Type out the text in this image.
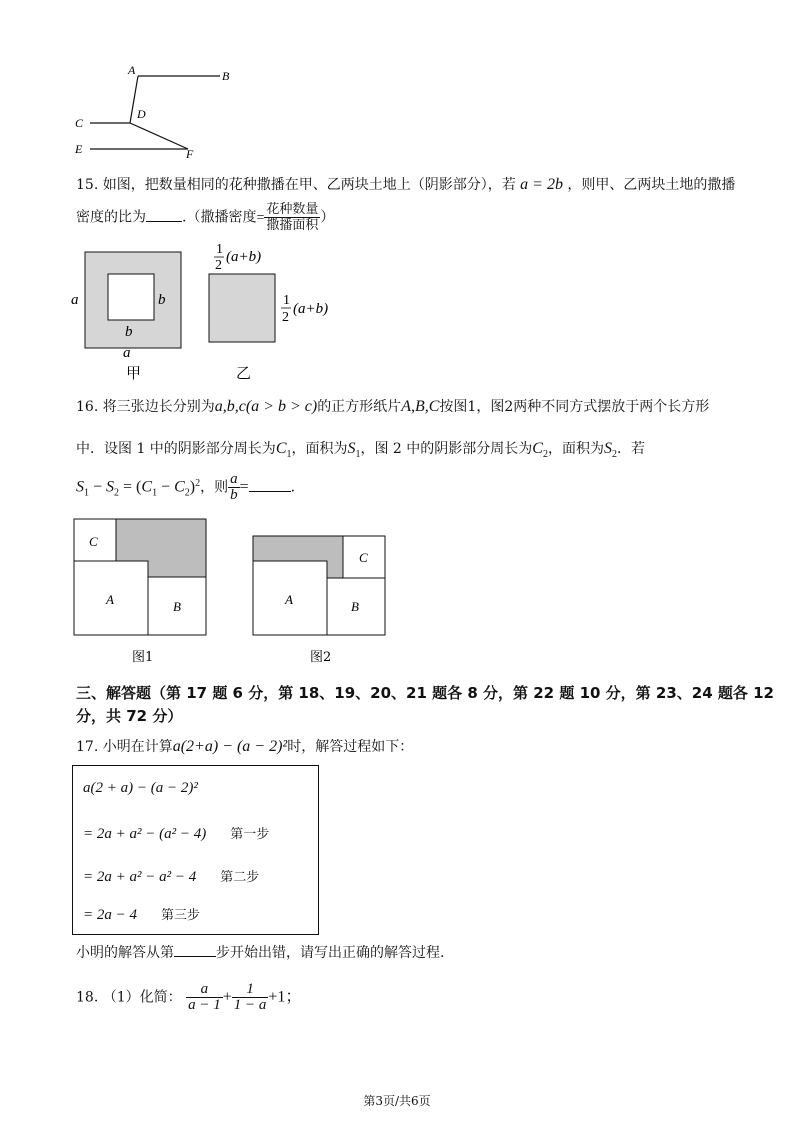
A	B
C
D
E	F
15. 如图，把数量相同的花种撒播在甲、乙两块土地上（阴影部分），若 a = 2b ，则甲、乙两块土地的撒播
密度的比为	.（撒播密度= $\frac{\text{花种数量}}{\text{撒播面积}}$ ）
a	b
b
a
甲
1
2
(a+b)
1
2
(a+b)
乙
16. 将三张边长分别为a,b,c(a > b > c)的正方形纸片A,B,C按图1，图2两种不同方式摆放于两个长方形
中．设图 1 中的阴影部分周长为$C_1$，面积为$S_1$，图 2 中的阴影部分周长为$C_2$，面积为$S_2$．若
$S_1 - S_2 = (C_1 - C_2)^2$，则 $\frac{a}{b}$ =	.
C
A	B
图1
C
A	B
图2
三、解答题（第 17 题 6 分，第 18、19、20、21 题各 8 分，第 22 题 10 分，第 23、24 题各 12
分，共 72 分）
17. 小明在计算a(2+a) − (a − 2)²时，解答过程如下：
a(2 + a) − (a − 2)²
= 2a + a² − (a² − 4) 第一步
= 2a + a² − a² − 4 第二步
= 2a − 4 第三步
小明的解答从第	步开始出错，请写出正确的解答过程.
18. （1）化简： $\frac{a}{a - 1} + \frac{1}{1 - a} +1$；
第3页/共6页
